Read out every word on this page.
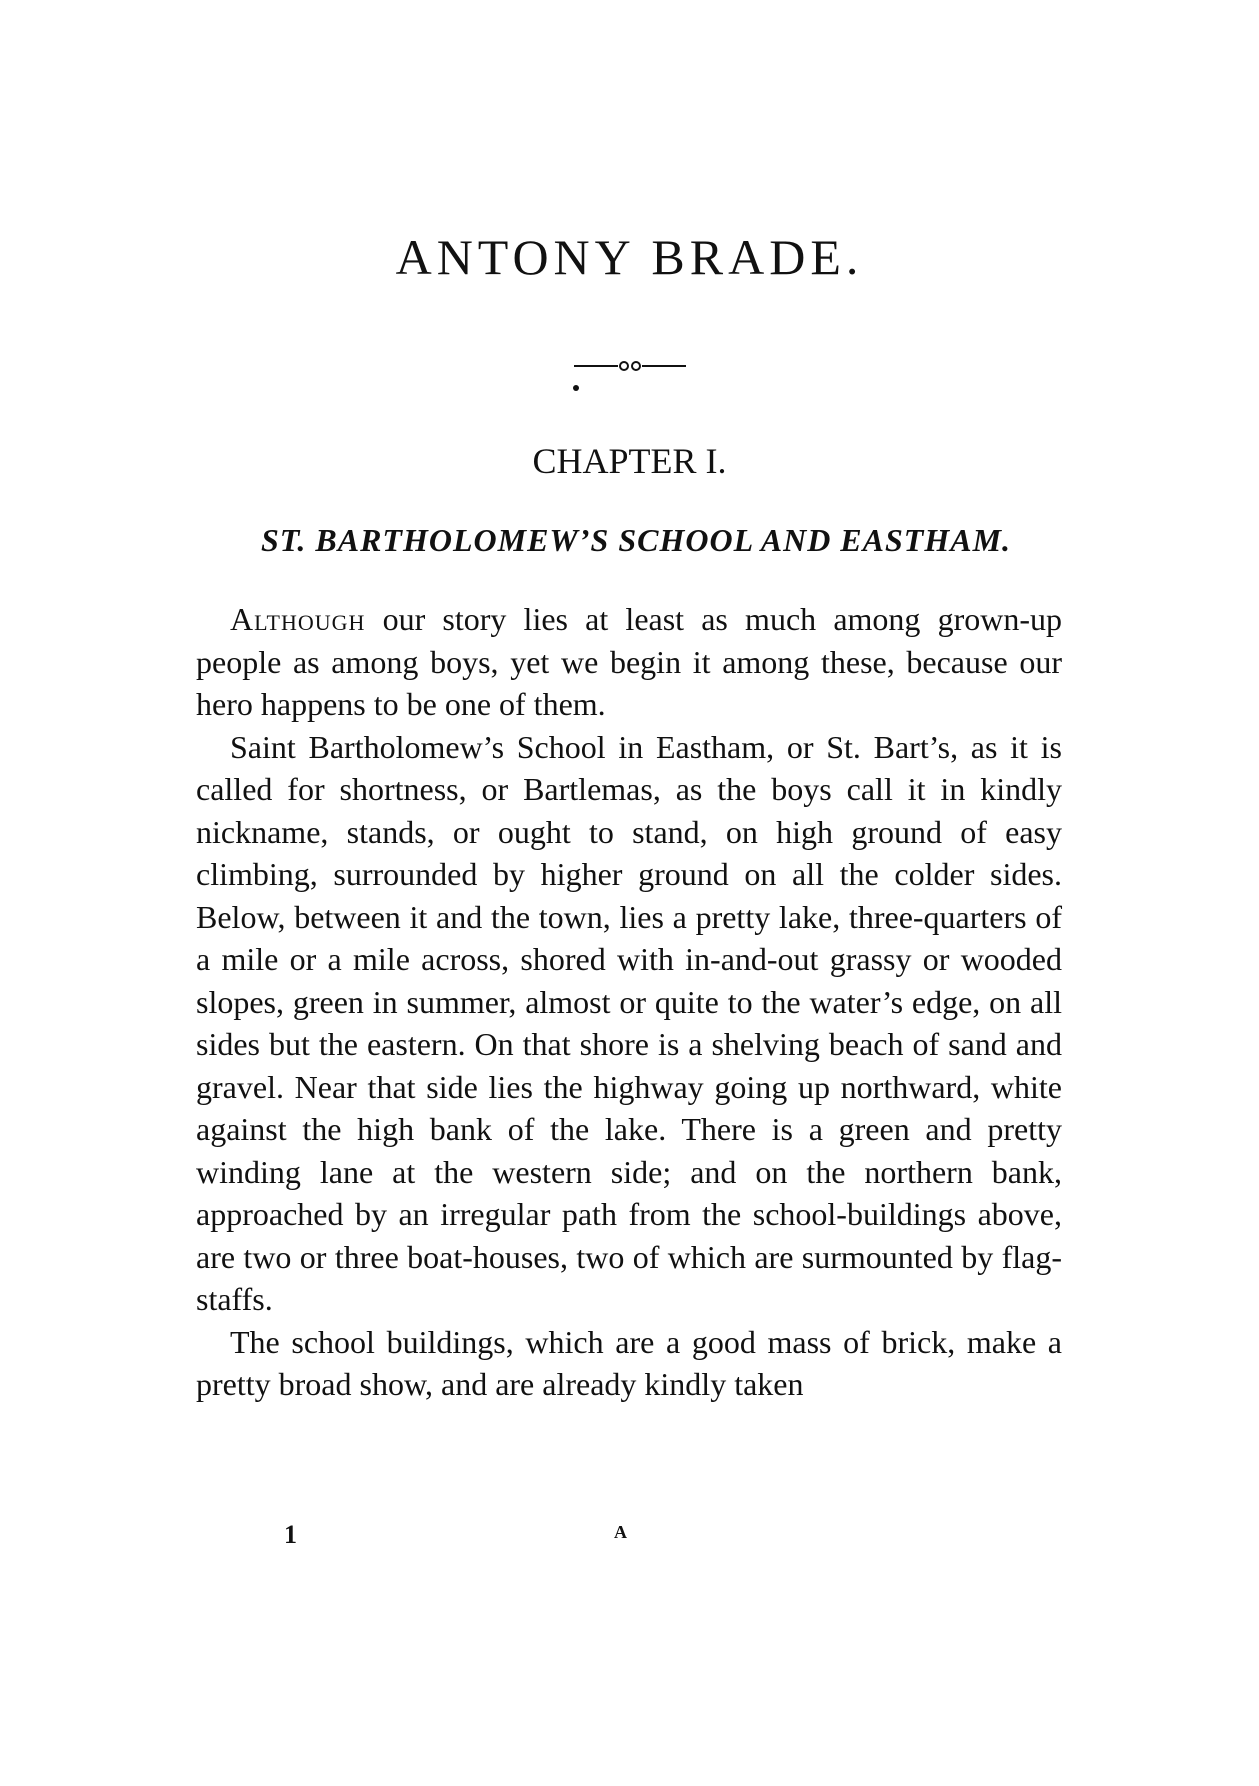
ANTONY BRADE.
CHAPTER I.
ST. BARTHOLOMEW’S SCHOOL AND EASTHAM.

Although our story lies at least as much among grown-up people as among boys, yet we begin it among these, because our hero happens to be one of them.

Saint Bartholomew’s School in Eastham, or St. Bart’s, as it is called for shortness, or Bartlemas, as the boys call it in kindly nickname, stands, or ought to stand, on high ground of easy climbing, surrounded by higher ground on all the colder sides. Below, between it and the town, lies a pretty lake, three-quarters of a mile or a mile across, shored with in-and-out grassy or wooded slopes, green in summer, almost or quite to the water’s edge, on all sides but the eastern. On that shore is a shelving beach of sand and gravel. Near that side lies the highway going up northward, white against the high bank of the lake. There is a green and pretty winding lane at the western side; and on the northern bank, approached by an irregular path from the school-buildings above, are two or three boat-houses, two of which are surmounted by flag-staffs.

The school buildings, which are a good mass of brick, make a pretty broad show, and are already kindly taken

1	A
